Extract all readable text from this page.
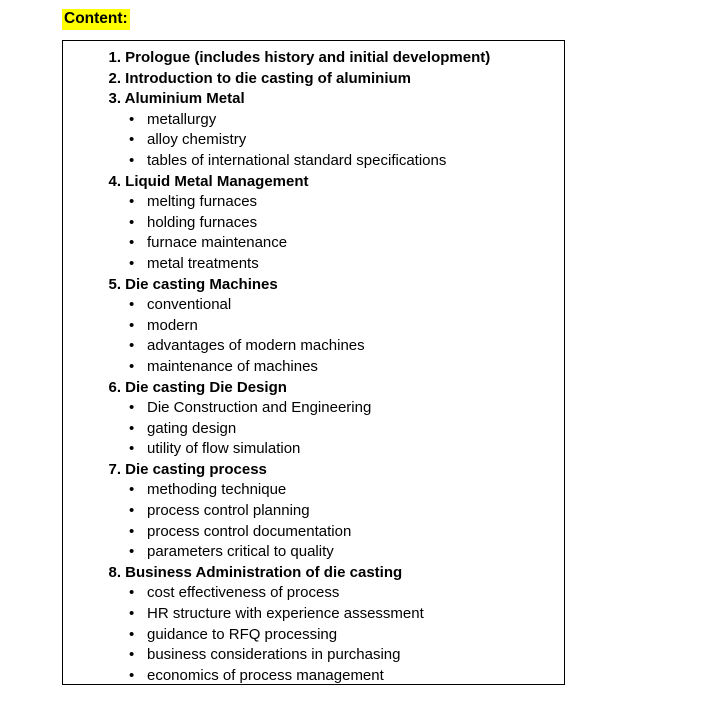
Content:
1. Prologue (includes history and initial development)
2. Introduction to die casting of aluminium
3. Aluminium Metal
• metallurgy
• alloy chemistry
• tables of international standard specifications
4. Liquid Metal Management
• melting furnaces
• holding furnaces
• furnace maintenance
• metal treatments
5. Die casting Machines
• conventional
• modern
• advantages of modern machines
• maintenance of machines
6. Die casting Die Design
• Die Construction and Engineering
• gating design
• utility of flow simulation
7. Die casting process
• methoding technique
• process control planning
• process control documentation
• parameters critical to quality
8. Business Administration of die casting
• cost effectiveness of process
• HR structure with experience assessment
• guidance to RFQ processing
• business considerations in purchasing
• economics of process management
